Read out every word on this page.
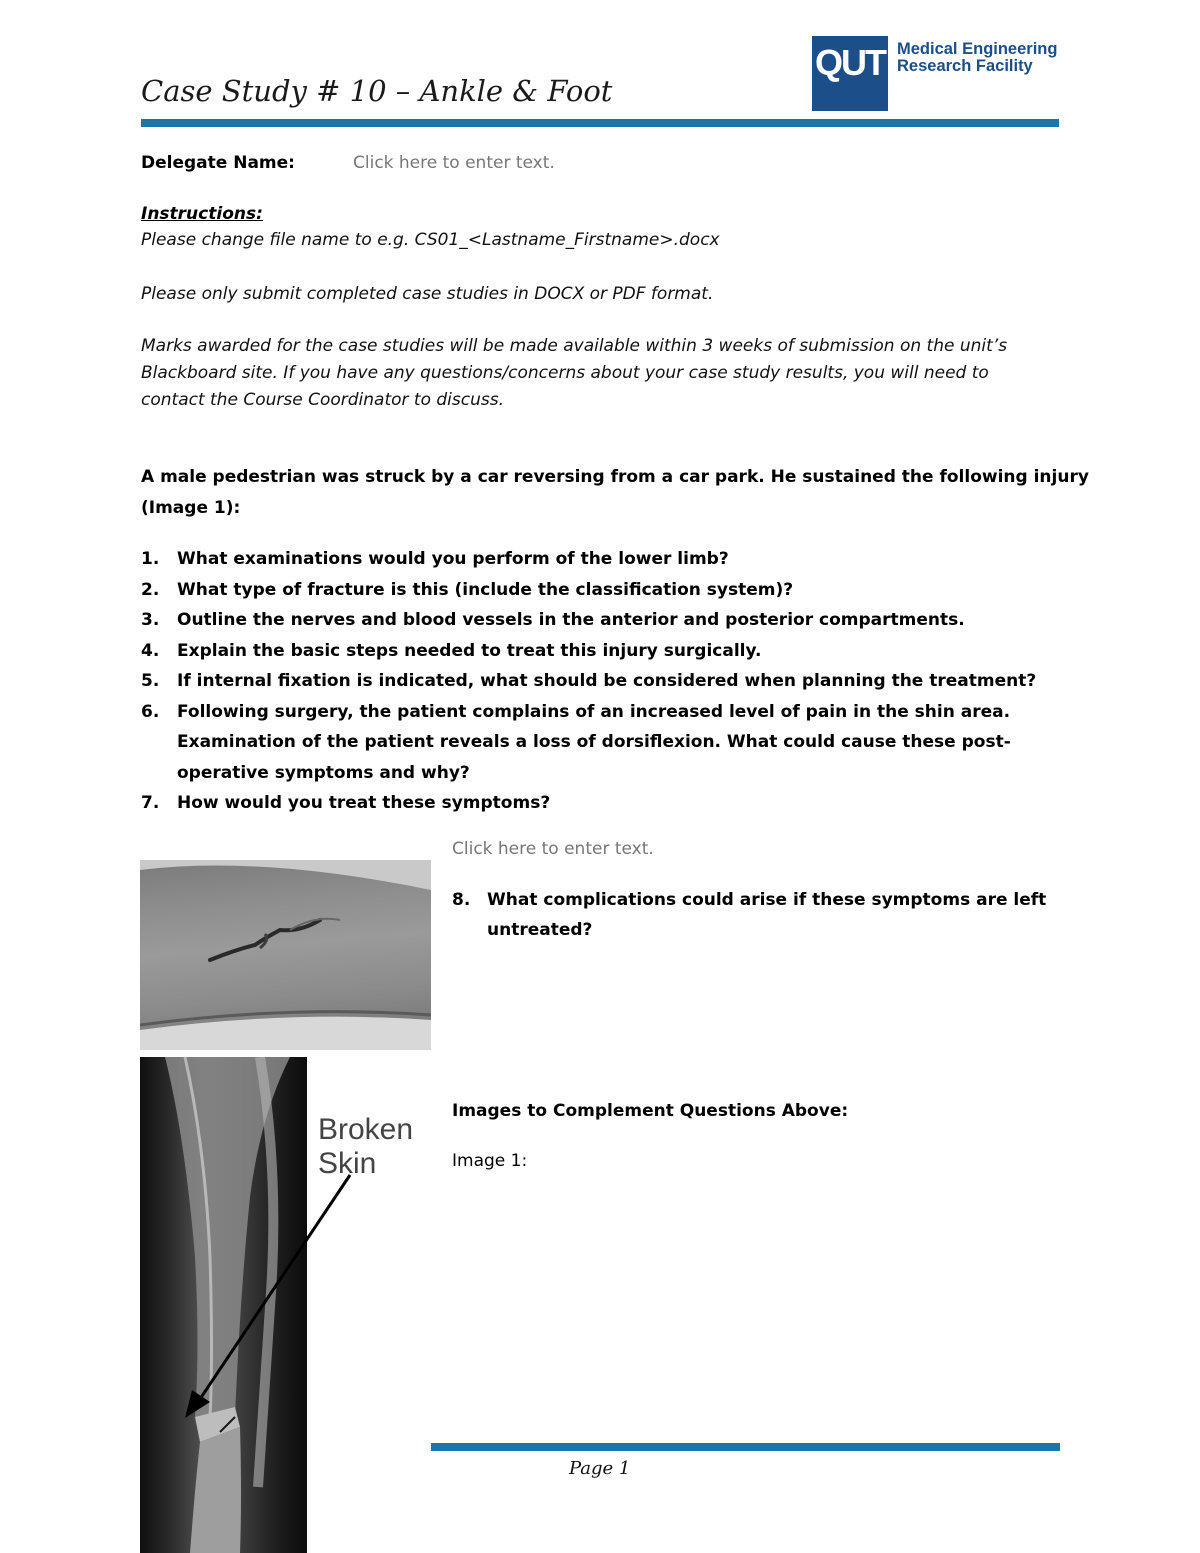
Case Study # 10 – Ankle & Foot
QUT Medical Engineering
Research Facility
Delegate Name:	Click here to enter text.
Instructions:
Please change file name to e.g. CS01_<Lastname_Firstname>.docx
Please only submit completed case studies in DOCX or PDF format.
Marks awarded for the case studies will be made available within 3 weeks of submission on the unit’s
Blackboard site. If you have any questions/concerns about your case study results, you will need to
contact the Course Coordinator to discuss.
A male pedestrian was struck by a car reversing from a car park. He sustained the following injury
(Image 1):
1. What examinations would you perform of the lower limb?
2. What type of fracture is this (include the classification system)?
3. Outline the nerves and blood vessels in the anterior and posterior compartments.
4. Explain the basic steps needed to treat this injury surgically.
5. If internal fixation is indicated, what should be considered when planning the treatment?
6. Following surgery, the patient complains of an increased level of pain in the shin area. Examination of the patient reveals a loss of dorsiflexion. What could cause these post-operative symptoms and why?
7. How would you treat these symptoms?
Click here to enter text.
8. What complications could arise if these symptoms are left
untreated?
Images to Complement Questions Above:
Image 1:
Broken
Skin
Page 1
